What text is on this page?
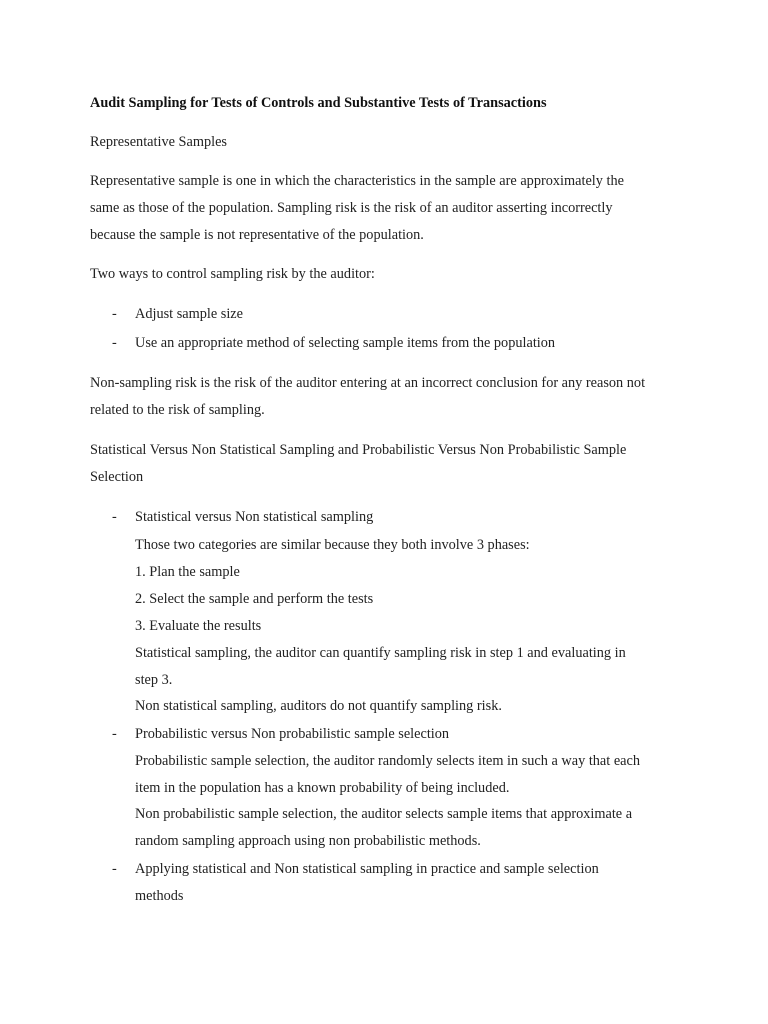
Audit Sampling for Tests of Controls and Substantive Tests of Transactions
Representative Samples
Representative sample is one in which the characteristics in the sample are approximately the
same as those of the population. Sampling risk is the risk of an auditor asserting incorrectly
because the sample is not representative of the population.
Two ways to control sampling risk by the auditor:
- Adjust sample size
- Use an appropriate method of selecting sample items from the population
Non-sampling risk is the risk of the auditor entering at an incorrect conclusion for any reason not
related to the risk of sampling.
Statistical Versus Non Statistical Sampling and Probabilistic Versus Non Probabilistic Sample
Selection
- Statistical versus Non statistical sampling
Those two categories are similar because they both involve 3 phases:
1. Plan the sample
2. Select the sample and perform the tests
3. Evaluate the results
Statistical sampling, the auditor can quantify sampling risk in step 1 and evaluating in
step 3.
Non statistical sampling, auditors do not quantify sampling risk.
- Probabilistic versus Non probabilistic sample selection
Probabilistic sample selection, the auditor randomly selects item in such a way that each
item in the population has a known probability of being included.
Non probabilistic sample selection, the auditor selects sample items that approximate a
random sampling approach using non probabilistic methods.
- Applying statistical and Non statistical sampling in practice and sample selection
methods
